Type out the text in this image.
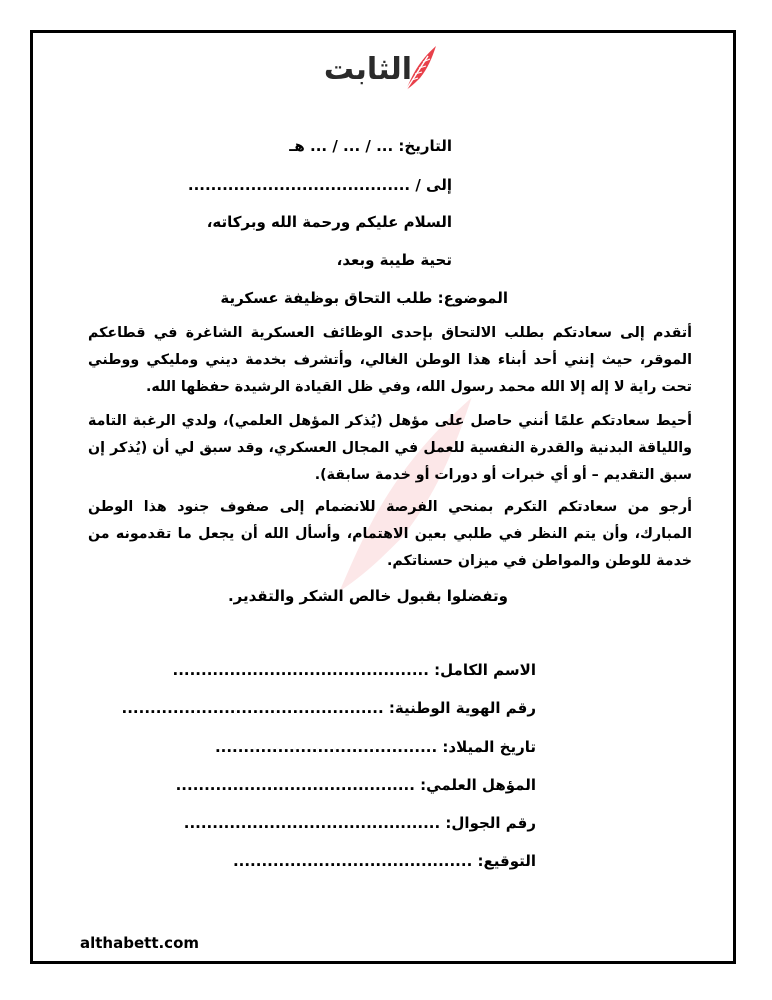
الثابت
التاريخ: ... / ... / ... هـ
إلى / .......................................
السلام عليكم ورحمة الله وبركاته،
تحية طيبة وبعد،
الموضوع: طلب التحاق بوظيفة عسكرية
أتقدم إلى سعادتكم بطلب الالتحاق بإحدى الوظائف العسكرية الشاغرة في قطاعكم الموقر، حيث إنني أحد أبناء هذا الوطن الغالي، وأتشرف بخدمة ديني ومليكي ووطني تحت راية لا إله إلا الله محمد رسول الله، وفي ظل القيادة الرشيدة حفظها الله.
أحيط سعادتكم علمًا أنني حاصل على مؤهل (يُذكر المؤهل العلمي)، ولدي الرغبة التامة واللياقة البدنية والقدرة النفسية للعمل في المجال العسكري، وقد سبق لي أن (يُذكر إن سبق التقديم – أو أي خبرات أو دورات أو خدمة سابقة).
أرجو من سعادتكم التكرم بمنحي الفرصة للانضمام إلى صفوف جنود هذا الوطن المبارك، وأن يتم النظر في طلبي بعين الاهتمام، وأسأل الله أن يجعل ما تقدمونه من خدمة للوطن والمواطن في ميزان حسناتكم.
وتفضلوا بقبول خالص الشكر والتقدير.
الاسم الكامل: .............................................
رقم الهوية الوطنية: ..............................................
تاريخ الميلاد: .......................................
المؤهل العلمي: ..........................................
رقم الجوال: .............................................
التوقيع: ..........................................
althabett.com
